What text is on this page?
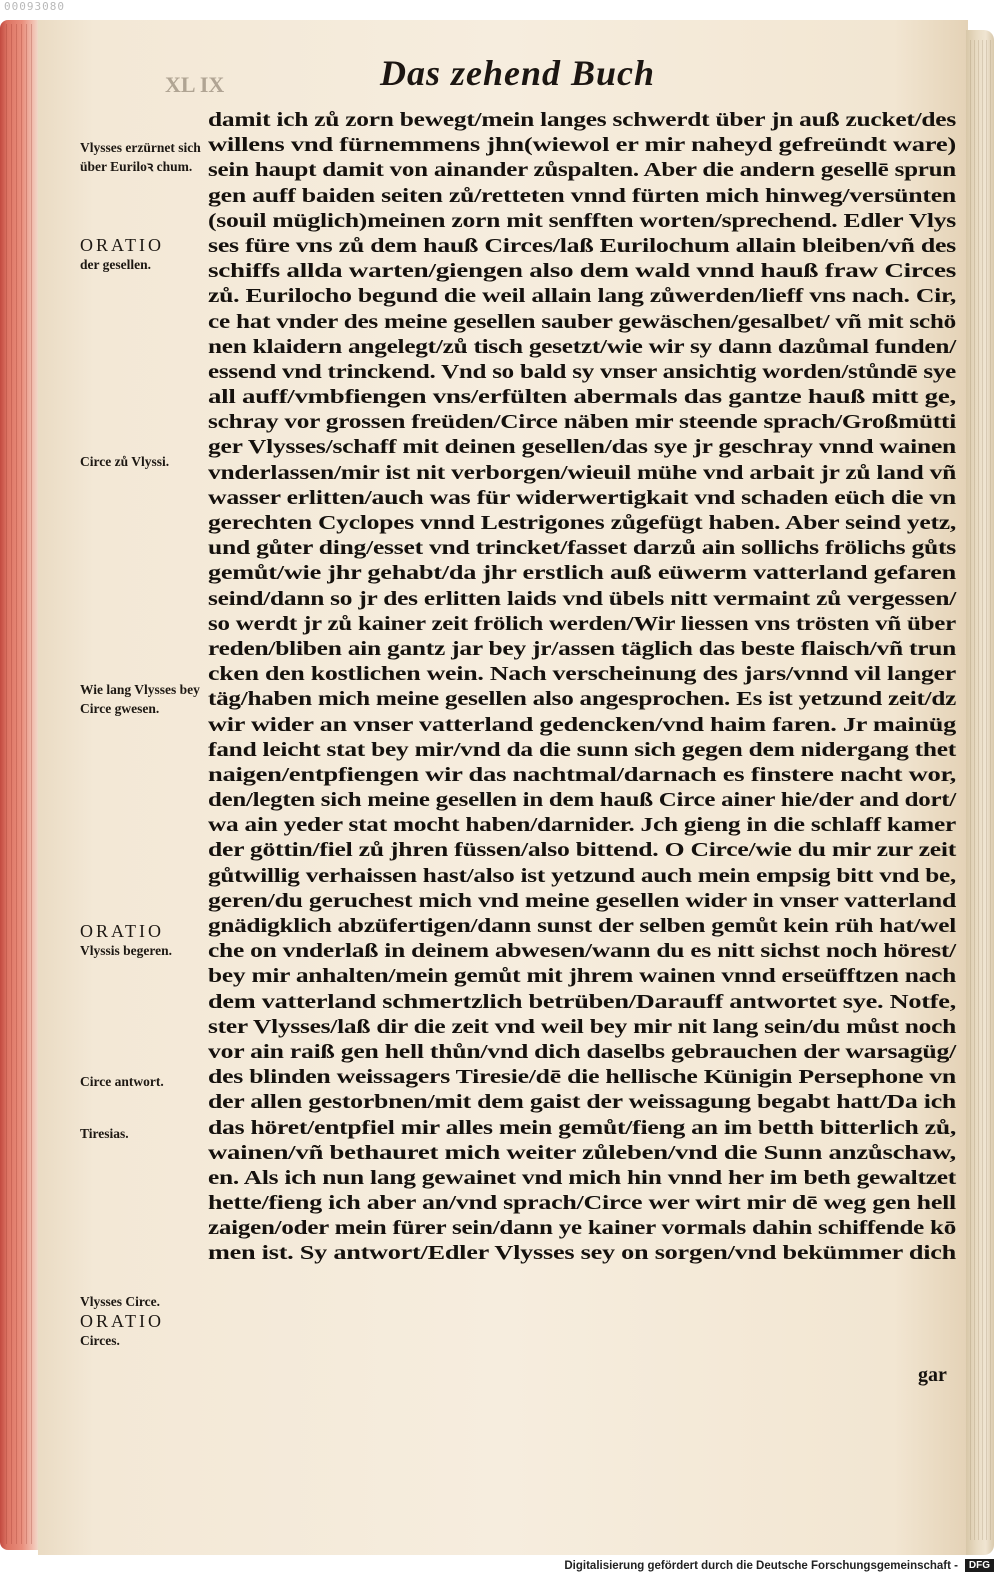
00093080
XL IX	Das zehend Buch
Vlysses erzürnet sich über Euriloꝛ chum.
ORATIO
der gesellen.
Circe zů Vlyssi.
Wie lang Vlysses bey Circe gwesen.
ORATIO
Vlyssis begeren.
Circe antwort.
Tiresias.
Vlysses Circe.
ORATIO
Circes.
damit ich zů zorn bewegt/mein langes schwerdt über jn auß zucket/des
willens vnd fürnemmens jhn(wiewol er mir naheyd gefreündt ware)
sein haupt damit von ainander zůspalten. Aber die andern gesellē sprun
gen auff baiden seiten zů/retteten vnnd fürten mich hinweg/versünten
(souil müglich)meinen zorn mit senfften worten/sprechend. Edler Vlys
ses füre vns zů dem hauß Circes/laß Eurilochum allain bleiben/vñ des
schiffs allda warten/giengen also dem wald vnnd hauß fraw Circes
zů. Eurilocho begund die weil allain lang zůwerden/lieff vns nach. Cir,
ce hat vnder des meine gesellen sauber gewäschen/gesalbet/ vñ mit schö
nen klaidern angelegt/zů tisch gesetzt/wie wir sy dann dazůmal funden/
essend vnd trinckend. Vnd so bald sy vnser ansichtig worden/stůndē sye
all auff/vmbfiengen vns/erfülten abermals das gantze hauß mitt ge,
schray vor grossen freüden/Circe näben mir steende sprach/Großmütti
ger Vlysses/schaff mit deinen gesellen/das sye jr geschray vnnd wainen
vnderlassen/mir ist nit verborgen/wieuil mühe vnd arbait jr zů land vñ
wasser erlitten/auch was für widerwertigkait vnd schaden eüch die vn
gerechten Cyclopes vnnd Lestrigones zůgefügt haben. Aber seind yetz,
und gůter ding/esset vnd trincket/fasset darzů ain sollichs frölichs gůts
gemůt/wie jhr gehabt/da jhr erstlich auß eüwerm vatterland gefaren
seind/dann so jr des erlitten laids vnd übels nitt vermaint zů vergessen/
so werdt jr zů kainer zeit frölich werden/Wir liessen vns trösten vñ über
reden/bliben ain gantz jar bey jr/assen täglich das beste flaisch/vñ trun
cken den kostlichen wein. Nach verscheinung des jars/vnnd vil langer
täg/haben mich meine gesellen also angesprochen. Es ist yetzund zeit/dz
wir wider an vnser vatterland gedencken/vnd haim faren. Jr mainüg
fand leicht stat bey mir/vnd da die sunn sich gegen dem nidergang thet
naigen/entpfiengen wir das nachtmal/darnach es finstere nacht wor,
den/legten sich meine gesellen in dem hauß Circe ainer hie/der and dort/
wa ain yeder stat mocht haben/darnider. Jch gieng in die schlaff kamer
der göttin/fiel zů jhren füssen/also bittend. O Circe/wie du mir zur zeit
gůtwillig verhaissen hast/also ist yetzund auch mein empsig bitt vnd be,
geren/du geruchest mich vnd meine gesellen wider in vnser vatterland
gnädigklich abzüfertigen/dann sunst der selben gemůt kein rüh hat/wel
che on vnderlaß in deinem abwesen/wann du es nitt sichst noch hörest/
bey mir anhalten/mein gemůt mit jhrem wainen vnnd erseüfftzen nach
dem vatterland schmertzlich betrüben/Darauff antwortet sye. Notfe,
ster Vlysses/laß dir die zeit vnd weil bey mir nit lang sein/du můst noch
vor ain raiß gen hell thůn/vnd dich daselbs gebrauchen der warsagüg/
des blinden weissagers Tiresie/dē die hellische Künigin Persephone vn
der allen gestorbnen/mit dem gaist der weissagung begabt hatt/Da ich
das höret/entpfiel mir alles mein gemůt/fieng an im betth bitterlich zů,
wainen/vñ bethauret mich weiter zůleben/vnd die Sunn anzůschaw,
en. Als ich nun lang gewainet vnd mich hin vnnd her im beth gewaltzet
hette/fieng ich aber an/vnd sprach/Circe wer wirt mir dē weg gen hell
zaigen/oder mein fürer sein/dann ye kainer vormals dahin schiffende kō
men ist. Sy antwort/Edler Vlysses sey on sorgen/vnd bekümmer dich
gar
Digitalisierung gefördert durch die Deutsche Forschungsgemeinschaft -	DFG
